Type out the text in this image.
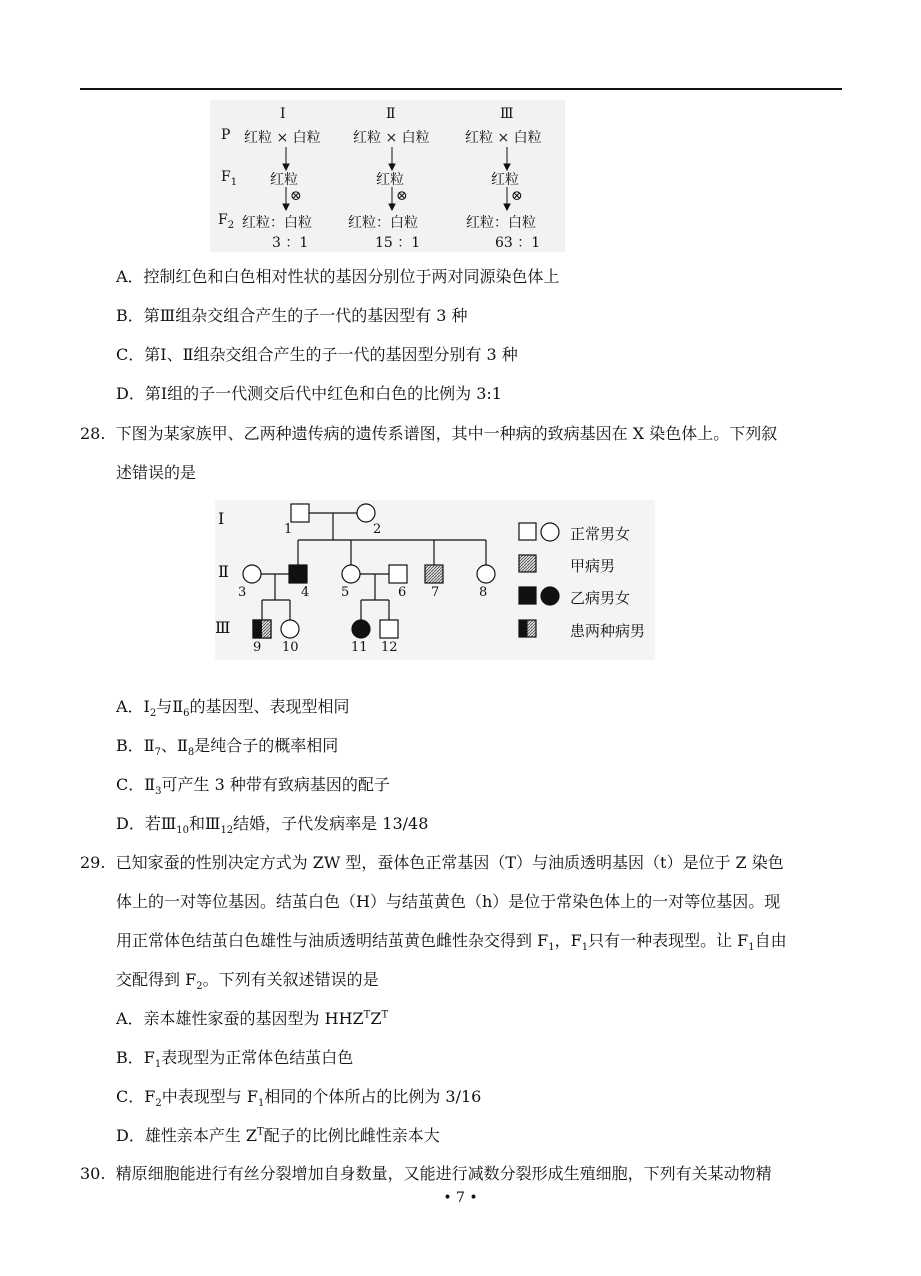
Ⅰ	Ⅱ	Ⅲ
P 红粒 × 白粒 红粒 × 白粒	红粒 × 白粒
$F_1$ 红粒	红粒	红粒
⊗	⊗	⊗
$F_2$ 红粒：白粒	红粒：白粒	红粒：白粒
3 ：1	15 ：1	63 ：1
A．控制红色和白色相对性状的基因分别位于两对同源染色体上
B．第Ⅲ组杂交组合产生的子一代的基因型有 3 种
C．第Ⅰ、Ⅱ组杂交组合产生的子一代的基因型分别有 3 种
D．第Ⅰ组的子一代测交后代中红色和白色的比例为 3:1
28. 下图为某家族甲、乙两种遗传病的遗传系谱图，其中一种病的致病基因在 X 染色体上。下列叙
述错误的是
Ⅰ
Ⅱ
Ⅲ
1	2
3	4 5	6 7	8
9 10	11 12
正常男女
甲病男
乙病男女
患两种病男
A．$Ⅰ_2$与$Ⅱ_6$的基因型、表现型相同
B．$Ⅱ_7$、$Ⅱ_8$是纯合子的概率相同
C．$Ⅱ_3$可产生 3 种带有致病基因的配子
D．若$Ⅲ_{10}$和$Ⅲ_{12}$结婚，子代发病率是 13/48
29. 已知家蚕的性别决定方式为 ZW 型，蚕体色正常基因（T）与油质透明基因（t）是位于 Z 染色
体上的一对等位基因。结茧白色（H）与结茧黄色（h）是位于常染色体上的一对等位基因。现
用正常体色结茧白色雄性与油质透明结茧黄色雌性杂交得到 $F_1$，$F_1$只有一种表现型。让 $F_1$自由
交配得到 $F_2$。下列有关叙述错误的是
A．亲本雄性家蚕的基因型为 $HHZ^TZ^T$
B．$F_1$表现型为正常体色结茧白色
C．$F_2$中表现型与 $F_1$相同的个体所占的比例为 3/16
D．雄性亲本产生 $Z^T$配子的比例比雌性亲本大
30. 精原细胞能进行有丝分裂增加自身数量，又能进行减数分裂形成生殖细胞，下列有关某动物精
• 7 •
